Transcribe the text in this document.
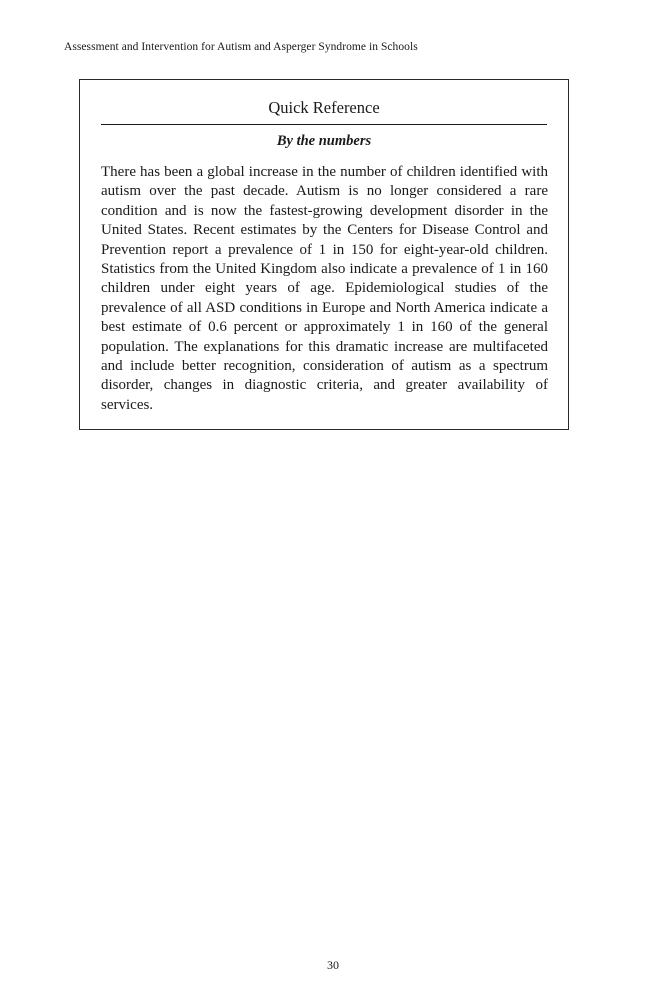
Assessment and Intervention for Autism and Asperger Syndrome in Schools
Quick Reference
By the numbers

There has been a global increase in the number of children identified with autism over the past decade. Autism is no longer considered a rare condition and is now the fastest-growing development disorder in the United States. Recent estimates by the Centers for Disease Control and Prevention report a prevalence of 1 in 150 for eight-year-old children. Statistics from the United Kingdom also indicate a prevalence of 1 in 160 children under eight years of age. Epidemiological studies of the prevalence of all ASD conditions in Europe and North America indicate a best estimate of 0.6 percent or approximately 1 in 160 of the general population. The explanations for this dramatic increase are multifaceted and include better recognition, consideration of autism as a spectrum disorder, changes in diagnostic criteria, and greater availability of services.

30
